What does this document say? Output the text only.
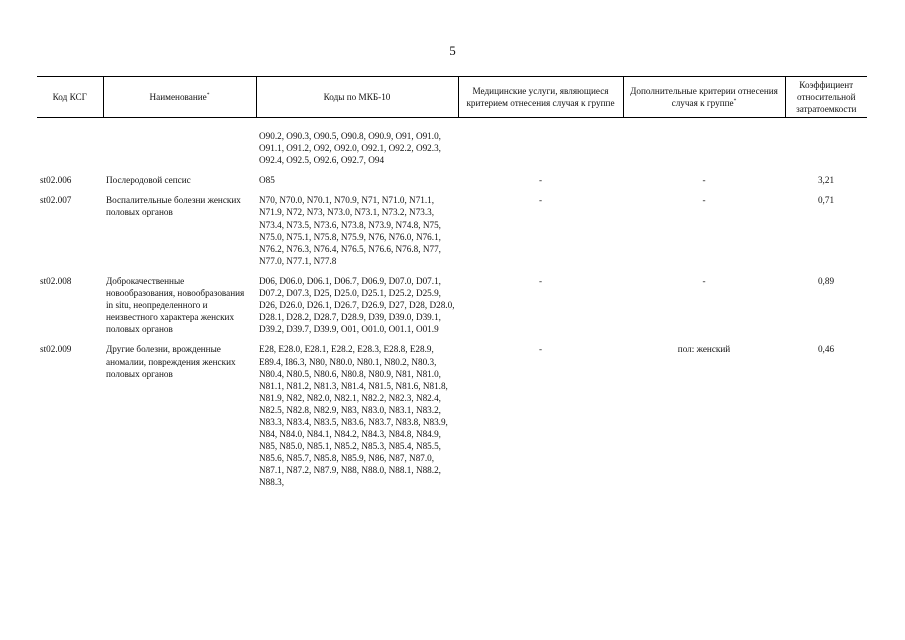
5
Код КСГ	Наименование*	Коды по МКБ-10	Медицинские услуги, являющиеся критерием отнесения случая к группе	Дополнительные критерии отнесения случая к группе*	Коэффициент относительной затратоемкости

		O90.2, O90.3, O90.5, O90.8, O90.9, O91, O91.0, O91.1, O91.2, O92, O92.0, O92.1, O92.2, O92.3, O92.4, O92.5, O92.6, O92.7, O94			
st02.006	Послеродовой сепсис	O85	-	-	3,21
st02.007	Воспалительные болезни женских половых органов	N70, N70.0, N70.1, N70.9, N71, N71.0, N71.1, N71.9, N72, N73, N73.0, N73.1, N73.2, N73.3, N73.4, N73.5, N73.6, N73.8, N73.9, N74.8, N75, N75.0, N75.1, N75.8, N75.9, N76, N76.0, N76.1, N76.2, N76.3, N76.4, N76.5, N76.6, N76.8, N77, N77.0, N77.1, N77.8	-	-	0,71
st02.008	Доброкачественные новообразования, новообразования in situ, неопределенного и неизвестного характера женских половых органов	D06, D06.0, D06.1, D06.7, D06.9, D07.0, D07.1, D07.2, D07.3, D25, D25.0, D25.1, D25.2, D25.9, D26, D26.0, D26.1, D26.7, D26.9, D27, D28, D28.0, D28.1, D28.2, D28.7, D28.9, D39, D39.0, D39.1, D39.2, D39.7, D39.9, O01, O01.0, O01.1, O01.9	-	-	0,89
st02.009	Другие болезни, врожденные аномалии, повреждения женских половых органов	E28, E28.0, E28.1, E28.2, E28.3, E28.8, E28.9, E89.4, I86.3, N80, N80.0, N80.1, N80.2, N80.3, N80.4, N80.5, N80.6, N80.8, N80.9, N81, N81.0, N81.1, N81.2, N81.3, N81.4, N81.5, N81.6, N81.8, N81.9, N82, N82.0, N82.1, N82.2, N82.3, N82.4, N82.5, N82.8, N82.9, N83, N83.0, N83.1, N83.2, N83.3, N83.4, N83.5, N83.6, N83.7, N83.8, N83.9, N84, N84.0, N84.1, N84.2, N84.3, N84.8, N84.9, N85, N85.0, N85.1, N85.2, N85.3, N85.4, N85.5, N85.6, N85.7, N85.8, N85.9, N86, N87, N87.0, N87.1, N87.2, N87.9, N88, N88.0, N88.1, N88.2, N88.3,	-	пол: женский	0,46
